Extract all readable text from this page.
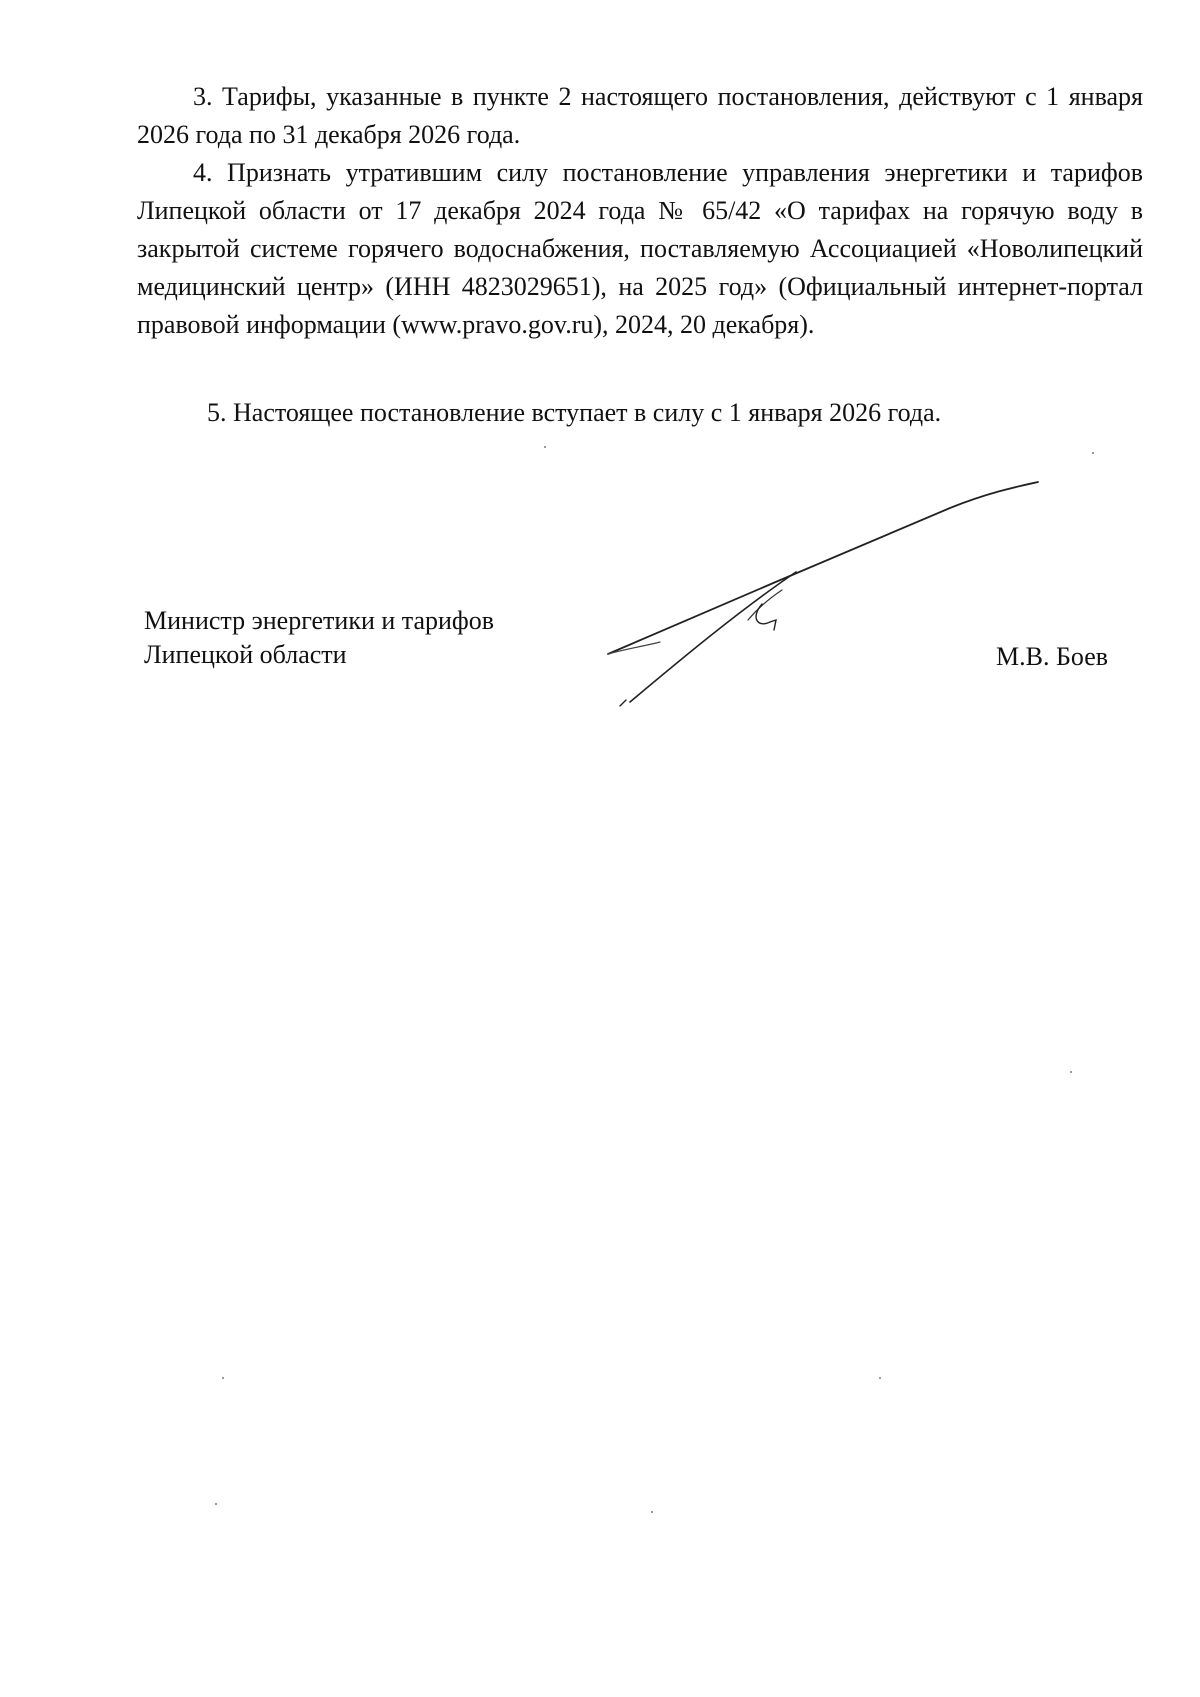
3. Тарифы, указанные в пункте 2 настоящего постановления, действуют с 1 января 2026 года по 31 декабря 2026 года.

4. Признать утратившим силу постановление управления энергетики и тарифов Липецкой области от 17 декабря 2024 года № 65/42 «О тарифах на горячую воду в закрытой системе горячего водоснабжения, поставляемую Ассоциацией «Новолипецкий медицинский центр» (ИНН 4823029651), на 2025 год» (Официальный интернет-портал правовой информации (www.pravo.gov.ru), 2024, 20 декабря).

5. Настоящее постановление вступает в силу с 1 января 2026 года.

Министр энергетики и тарифов
Липецкой области	М.В. Боев
